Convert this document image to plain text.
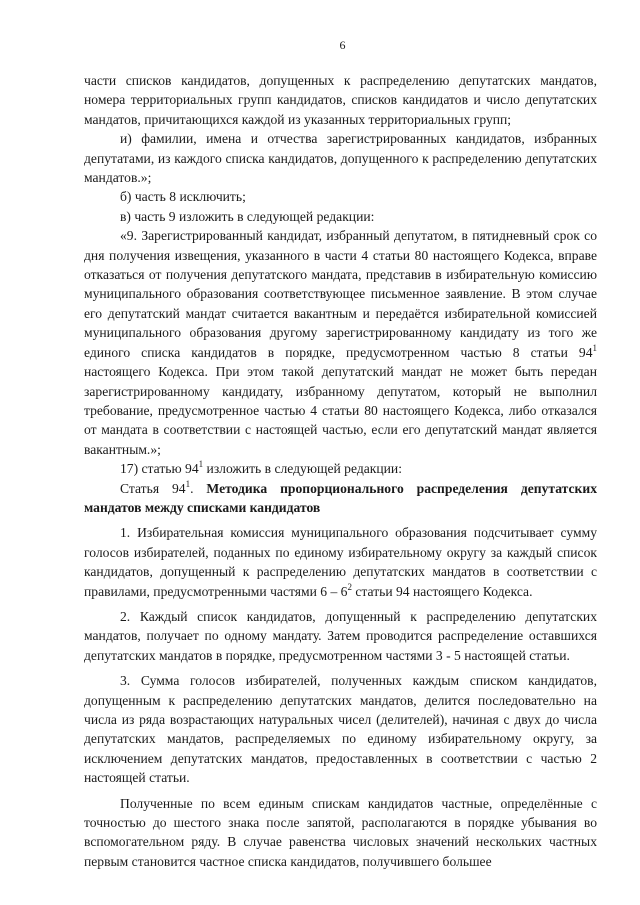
6

части списков кандидатов, допущенных к распределению депутатских мандатов, номера территориальных групп кандидатов, списков кандидатов и число депутатских мандатов, причитающихся каждой из указанных территориальных групп;

и) фамилии, имена и отчества зарегистрированных кандидатов, избранных депутатами, из каждого списка кандидатов, допущенного к распределению депутатских мандатов.»;

б) часть 8 исключить;

в) часть 9 изложить в следующей редакции:

«9. Зарегистрированный кандидат, избранный депутатом, в пятидневный срок со дня получения извещения, указанного в части 4 статьи 80 настоящего Кодекса, вправе отказаться от получения депутатского мандата, представив в избирательную комиссию муниципального образования соответствующее письменное заявление. В этом случае его депутатский мандат считается вакантным и передаётся избирательной комиссией муниципального образования другому зарегистрированному кандидату из того же единого списка кандидатов в порядке, предусмотренном частью 8 статьи $94^1$ настоящего Кодекса. При этом такой депутатский мандат не может быть передан зарегистрированному кандидату, избранному депутатом, который не выполнил требование, предусмотренное частью 4 статьи 80 настоящего Кодекса, либо отказался от мандата в соответствии с настоящей частью, если его депутатский мандат является вакантным.»;

17) статью $94^1$ изложить в следующей редакции:

Статья $94^1$. Методика пропорционального распределения депутатских мандатов между списками кандидатов

1. Избирательная комиссия муниципального образования подсчитывает сумму голосов избирателей, поданных по единому избирательному округу за каждый список кандидатов, допущенный к распределению депутатских мандатов в соответствии с правилами, предусмотренными частями $6 - 6^2$ статьи 94 настоящего Кодекса.

2. Каждый список кандидатов, допущенный к распределению депутатских мандатов, получает по одному мандату. Затем проводится распределение оставшихся депутатских мандатов в порядке, предусмотренном частями 3 - 5 настоящей статьи.

3. Сумма голосов избирателей, полученных каждым списком кандидатов, допущенным к распределению депутатских мандатов, делится последовательно на числа из ряда возрастающих натуральных чисел (делителей), начиная с двух до числа депутатских мандатов, распределяемых по единому избирательному округу, за исключением депутатских мандатов, предоставленных в соответствии с частью 2 настоящей статьи.

Полученные по всем единым спискам кандидатов частные, определённые с точностью до шестого знака после запятой, располагаются в порядке убывания во вспомогательном ряду. В случае равенства числовых значений нескольких частных первым становится частное списка кандидатов, получившего большее
